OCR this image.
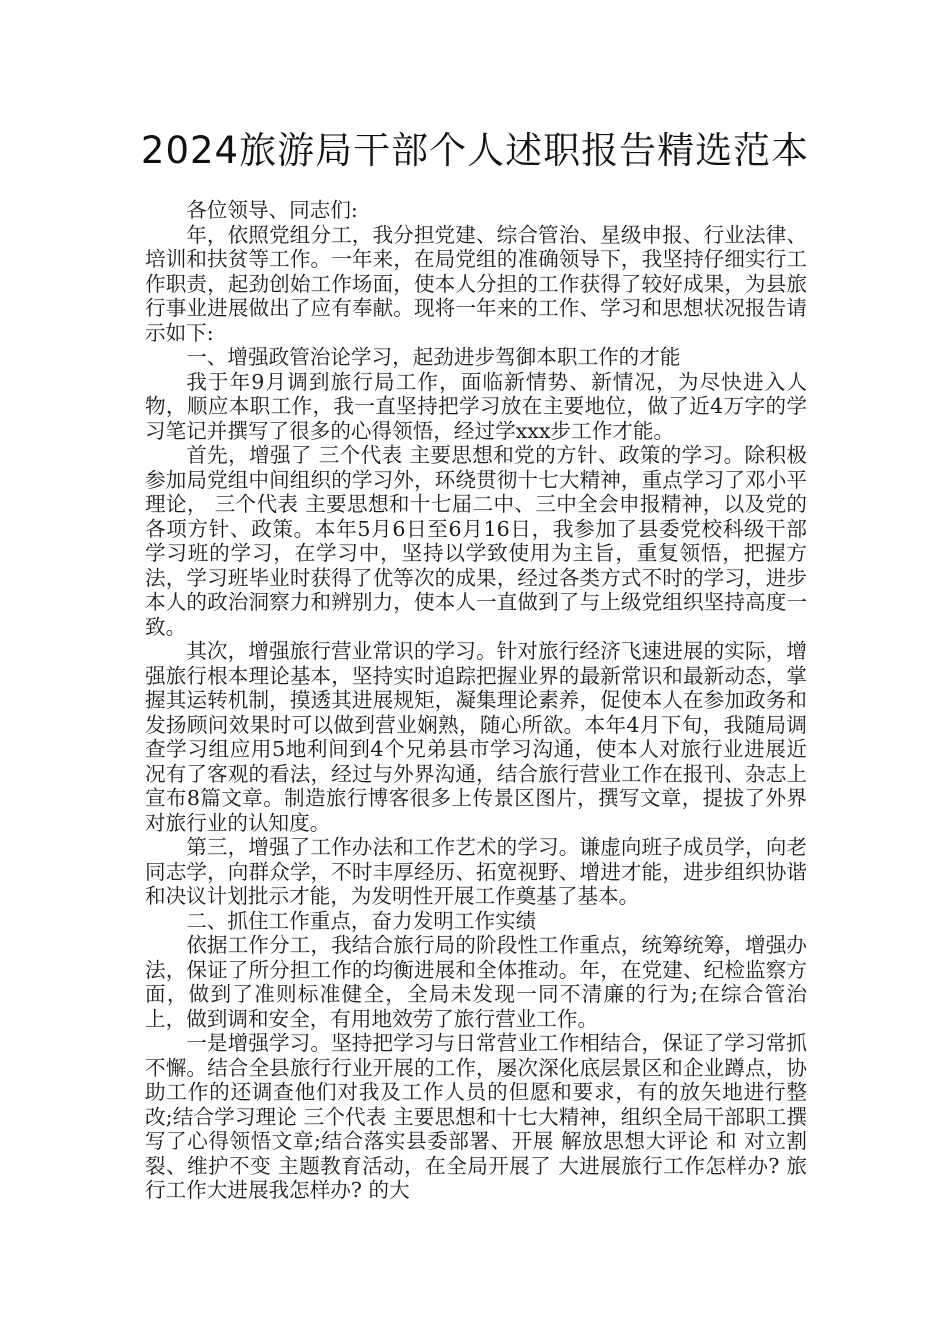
2024旅游局干部个人述职报告精选范本

各位领导、同志们:

年，依照党组分工，我分担党建、综合管治、星级申报、行业法律、培训和扶贫等工作。一年来，在局党组的准确领导下，我坚持仔细实行工作职责，起劲创始工作场面，使本人分担的工作获得了较好成果，为县旅行事业进展做出了应有奉献。现将一年来的工作、学习和思想状况报告请示如下:

一、增强政管治论学习，起劲进步驾御本职工作的才能

我于年9月调到旅行局工作，面临新情势、新情况，为尽快进入人物，顺应本职工作，我一直坚持把学习放在主要地位，做了近4万字的学习笔记并撰写了很多的心得领悟，经过学xxx步工作才能。

首先，增强了 三个代表 主要思想和党的方针、政策的学习。除积极参加局党组中间组织的学习外，环绕贯彻十七大精神，重点学习了邓小平理论， 三个代表 主要思想和十七届二中、三中全会申报精神，以及党的各项方针、政策。本年5月6日至6月16日，我参加了县委党校科级干部学习班的学习，在学习中，坚持以学致使用为主旨，重复领悟，把握方法，学习班毕业时获得了优等次的成果，经过各类方式不时的学习，进步本人的政治洞察力和辨别力，使本人一直做到了与上级党组织坚持高度一致。

其次，增强旅行营业常识的学习。针对旅行经济飞速进展的实际，增强旅行根本理论基本，坚持实时追踪把握业界的最新常识和最新动态，掌握其运转机制，摸透其进展规矩，凝集理论素养，促使本人在参加政务和发扬顾问效果时可以做到营业娴熟，随心所欲。本年4月下旬，我随局调查学习组应用5地利间到4个兄弟县市学习沟通，使本人对旅行业进展近况有了客观的看法，经过与外界沟通，结合旅行营业工作在报刊、杂志上宣布8篇文章。制造旅行博客很多上传景区图片，撰写文章，提拔了外界对旅行业的认知度。

第三，增强了工作办法和工作艺术的学习。谦虚向班子成员学，向老同志学，向群众学，不时丰厚经历、拓宽视野、增进才能，进步组织协谐和决议计划批示才能，为发明性开展工作奠基了基本。

二、抓住工作重点，奋力发明工作实绩

依据工作分工，我结合旅行局的阶段性工作重点，统筹统筹，增强办法，保证了所分担工作的均衡进展和全体推动。年，在党建、纪检监察方面，做到了准则标准健全，全局未发现一同不清廉的行为;在综合管治上，做到调和安全，有用地效劳了旅行营业工作。

一是增强学习。坚持把学习与日常营业工作相结合，保证了学习常抓不懈。结合全县旅行行业开展的工作，屡次深化底层景区和企业蹲点，协助工作的还调查他们对我及工作人员的但愿和要求，有的放矢地进行整改;结合学习理论 三个代表 主要思想和十七大精神，组织全局干部职工撰写了心得领悟文章;结合落实县委部署、开展 解放思想大评论 和 对立割裂、维护不变 主题教育活动，在全局开展了 大进展旅行工作怎样办? 旅行工作大进展我怎样办? 的大
